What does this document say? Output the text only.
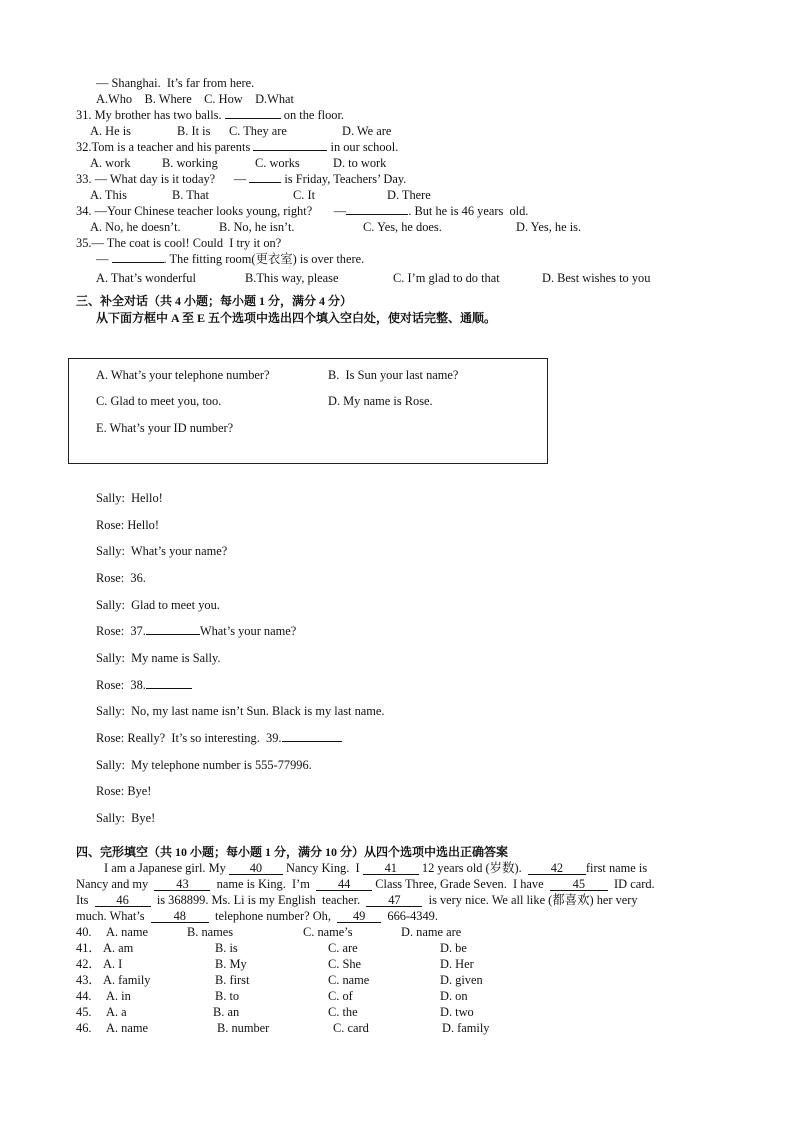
— Shanghai.  It’s far from here.
A.Who    B. Where    C. How    D.What
31. My brother has two balls.	on the floor.
A. He is	B. It is C. They are	D. We are
32.Tom is a teacher and his parents	in our school.
A. work	B. working	C. works	D. to work
33. — What day is it today?      —	is Friday, Teachers’ Day.
A. This	B. That	C. It	D. There
34. —Your Chinese teacher looks young, right?       —	. But he is 46 years  old.
A. No, he doesn’t.	B. No, he isn’t.	C. Yes, he does.	D. Yes, he is.
35.— The coat is cool! Could  I try it on?
—	. The fitting room(更衣室) is over there.
A. That’s wonderful	B.This way, please	C. I’m glad to do that	D. Best wishes to you
三、补全对话（共 4 小题；每小题 1 分，满分 4 分）
从下面方框中 A 至 E 五个选项中选出四个填入空白处，使对话完整、通顺。
A. What’s your telephone number?	B.  Is Sun your last name?
C. Glad to meet you, too.	D. My name is Rose.
E. What’s your ID number?
Sally:  Hello!
Rose: Hello!
Sally:  What’s your name?
Rose:  36.
Sally:  Glad to meet you.
Rose:  37.	What’s your name?
Sally:  My name is Sally.
Rose:  38.
Sally:  No, my last name isn’t Sun. Black is my last name.
Rose: Really?  It’s so interesting.  39.
Sally:  My telephone number is 555-77996.
Rose: Bye!
Sally:  Bye!
四、完形填空（共 10 小题；每小题 1 分，满分 10 分）从四个选项中选出正确答案
I am a Japanese girl. My 40 Nancy King.  I 41 12 years old (岁数). 42 first name is
Nancy and my 43 name is King.  I’m 44 Class Three, Grade Seven.  I have 45 ID card.
Its 46 is 368899. Ms. Li is my English  teacher. 47 is very nice. We all like (都喜欢) her very
much. What’s 48 telephone number? Oh, 49 666-4349.
40. A. name	B. names	C. name’s	D. name are
41． A. am	B. is	C. are	D. be
42． A. I	B. My	C. She	D. Her
43． A. family	B. first	C. name	D. given
44. A. in	B. to	C. of	D. on
45. A. a	B. an	C. the	D. two
46. A. name	B. number	C. card	D. family
